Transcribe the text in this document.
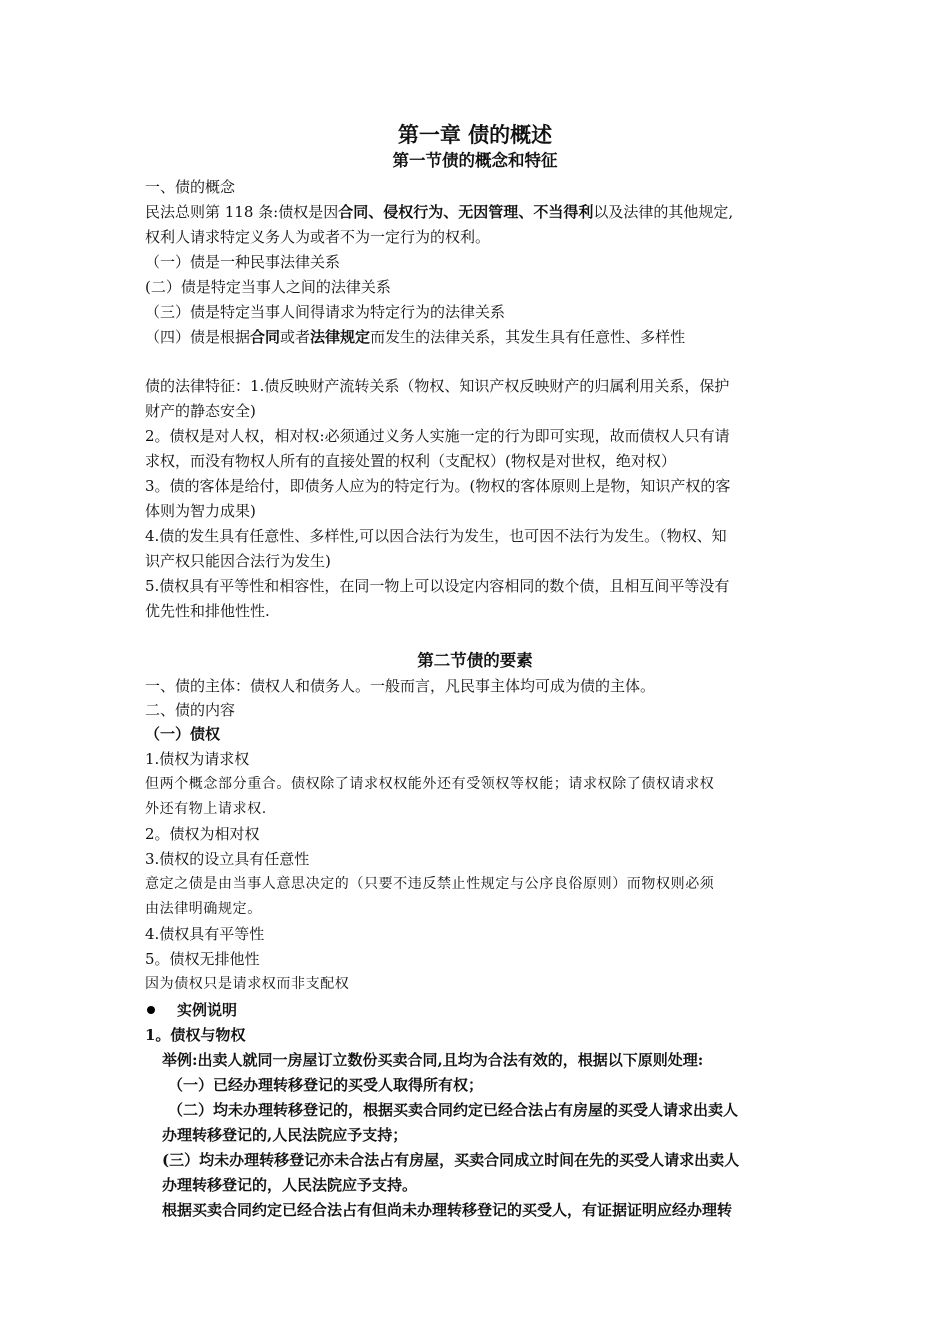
第一章 债的概述
第一节债的概念和特征
一、债的概念
民法总则第 118 条:债权是因合同、侵权行为、无因管理、不当得利以及法律的其他规定,
权利人请求特定义务人为或者不为一定行为的权利。
（一）债是一种民事法律关系
(二）债是特定当事人之间的法律关系
（三）债是特定当事人间得请求为特定行为的法律关系
（四）债是根据合同或者法律规定而发生的法律关系，其发生具有任意性、多样性
债的法律特征：1.债反映财产流转关系（物权、知识产权反映财产的归属利用关系，保护
财产的静态安全)
2。债权是对人权，相对权:必须通过义务人实施一定的行为即可实现，故而债权人只有请
求权，而没有物权人所有的直接处置的权利（支配权）(物权是对世权，绝对权）
3。债的客体是给付，即债务人应为的特定行为。(物权的客体原则上是物，知识产权的客
体则为智力成果)
4.债的发生具有任意性、多样性,可以因合法行为发生，也可因不法行为发生。（物权、知
识产权只能因合法行为发生)
5.债权具有平等性和相容性，在同一物上可以设定内容相同的数个债，且相互间平等没有
优先性和排他性性.
第二节债的要素
一、债的主体：债权人和债务人。一般而言，凡民事主体均可成为债的主体。
二、债的内容
（一）债权
1.债权为请求权
但两个概念部分重合。债权除了请求权权能外还有受领权等权能；请求权除了债权请求权
外还有物上请求权.
2。债权为相对权
3.债权的设立具有任意性
意定之债是由当事人意思决定的（只要不违反禁止性规定与公序良俗原则）而物权则必须
由法律明确规定。
4.债权具有平等性
5。债权无排他性
因为债权只是请求权而非支配权
实例说明
1。债权与物权
举例:出卖人就同一房屋订立数份买卖合同,且均为合法有效的，根据以下原则处理:
（一）已经办理转移登记的买受人取得所有权；
（二）均未办理转移登记的，根据买卖合同约定已经合法占有房屋的买受人请求出卖人
办理转移登记的,人民法院应予支持；
(三）均未办理转移登记亦未合法占有房屋，买卖合同成立时间在先的买受人请求出卖人
办理转移登记的，人民法院应予支持。
根据买卖合同约定已经合法占有但尚未办理转移登记的买受人，有证据证明应经办理转
